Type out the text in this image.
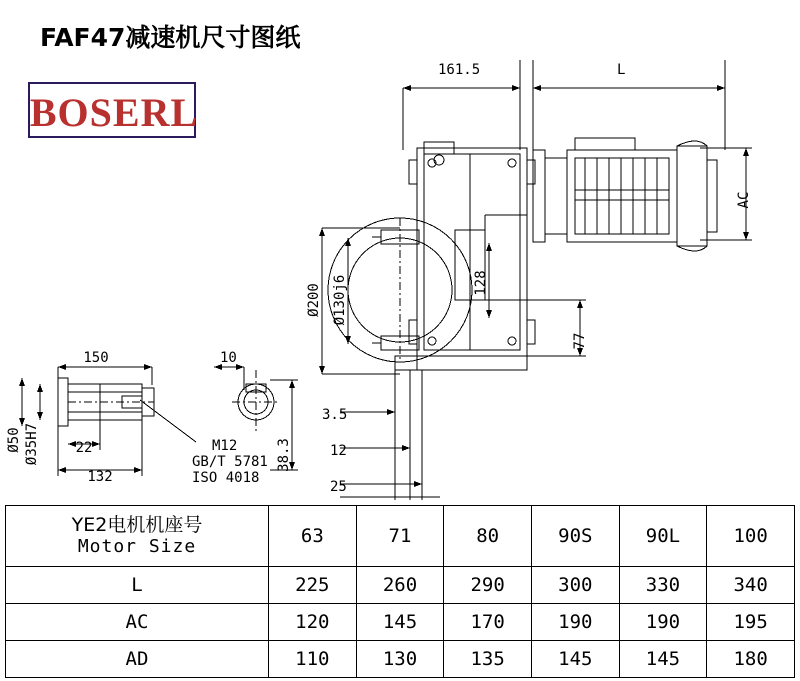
FAF47减速机尺寸图纸
BOSERL
161.5	L
AC
128
Ø200 Ø130j6
77
3.5
12
25
150	10
22
132
38.3
Ø50 Ø35H7	M12
GB/T 5781
ISO 4018
YE2电机机座号
Motor Size	63	71	80	90S	90L	100
L	225	260	290	300	330	340
AC	120	145	170	190	190	195
AD	110	130	135	145	145	180
